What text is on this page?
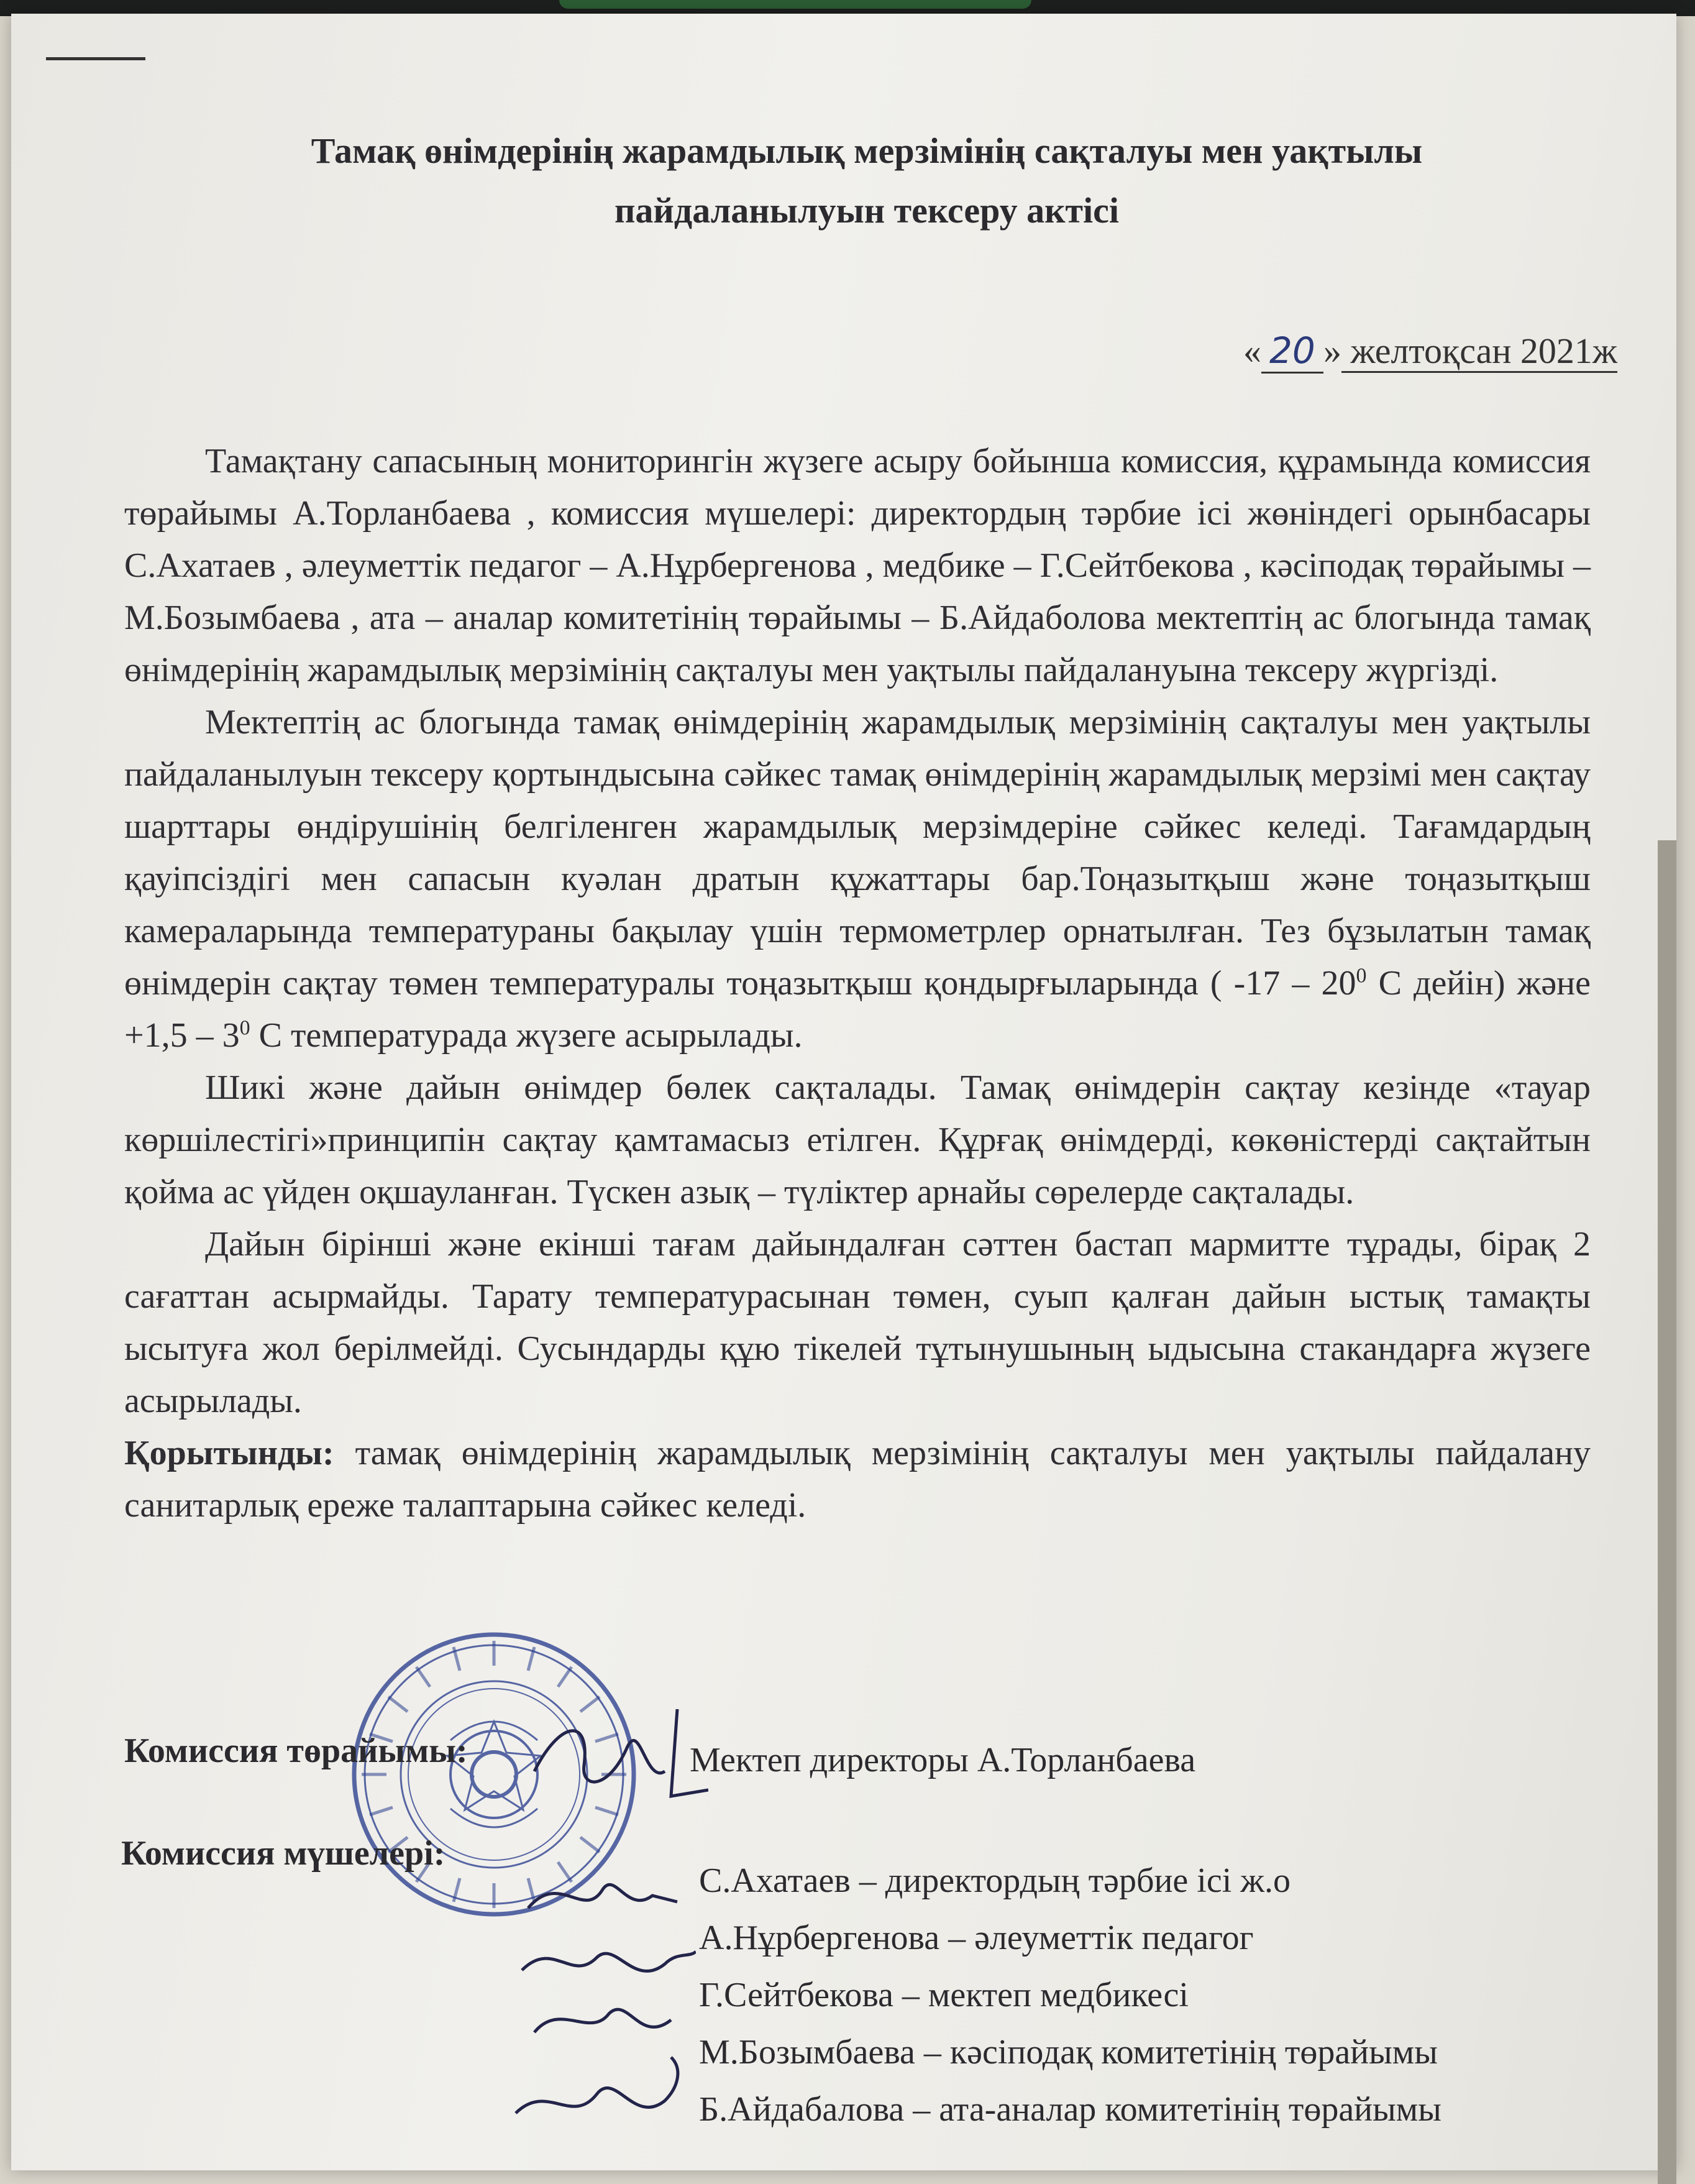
Тамақ өнімдерінің жарамдылық мерзімінің сақталуы мен уақтылы
пайдаланылуын тексеру актісі
« 20 » желтоқсан 2021ж

Тамақтану сапасының мониторингін жүзеге асыру бойынша комиссия, құрамында комиссия төрайымы А.Торланбаева , комиссия мүшелері: директордың тәрбие ісі жөніндегі орынбасары С.Ахатаев , әлеуметтік педагог – А.Нұрбергенова , медбике – Г.Сейтбекова , кәсіподақ төрайымы – М.Бозымбаева , ата – аналар комитетінің төрайымы – Б.Айдаболова мектептің ас блогында тамақ өнімдерінің жарамдылық мерзімінің сақталуы мен уақтылы пайдалануына тексеру жүргізді.

Мектептің ас блогында тамақ өнімдерінің жарамдылық мерзімінің сақталуы мен уақтылы пайдаланылуын тексеру қортындысына сәйкес тамақ өнімдерінің жарамдылық мерзімі мен сақтау шарттары өндірушінің белгіленген жарамдылық мерзімдеріне сәйкес келеді. Тағамдардың қауіпсіздігі мен сапасын куәлан дратын құжаттары бар.Тоңазытқыш және тоңазытқыш камераларында температураны бақылау үшін термометрлер орнатылған. Тез бұзылатын тамақ өнімдерін сақтау төмен температуралы тоңазытқыш қондырғыларында ( $-17 - 20^0$ С дейін) және $+1,5 - 3^0$ С температурада жүзеге асырылады.

Шикі және дайын өнімдер бөлек сақталады. Тамақ өнімдерін сақтау кезінде «тауар көршілестігі»принципін сақтау қамтамасыз етілген. Құрғақ өнімдерді, көкөністерді сақтайтын қойма ас үйден оқшауланған. Түскен азық – түліктер арнайы сөрелерде сақталады.

Дайын бірінші және екінші тағам дайындалған сәттен бастап мармитте тұрады, бірақ 2 сағаттан асырмайды. Тарату температурасынан төмен, суып қалған дайын ыстық тамақты ысытуға жол берілмейді. Сусындарды құю тікелей тұтынушының ыдысына стакандарға жүзеге асырылады.

Қорытынды: тамақ өнімдерінің жарамдылық мерзімінің сақталуы мен уақтылы пайдалану санитарлық ереже талаптарына сәйкес келеді.

Комиссия төрайымы:	Мектеп директоры А.Торланбаева
Комиссия мүшелері:
С.Ахатаев – директордың тәрбие ісі ж.о
А.Нұрбергенова – әлеуметтік педагог
Г.Сейтбекова – мектеп медбикесі
М.Бозымбаева – кәсіподақ комитетінің төрайымы
Б.Айдабалова – ата-аналар комитетінің төрайымы
